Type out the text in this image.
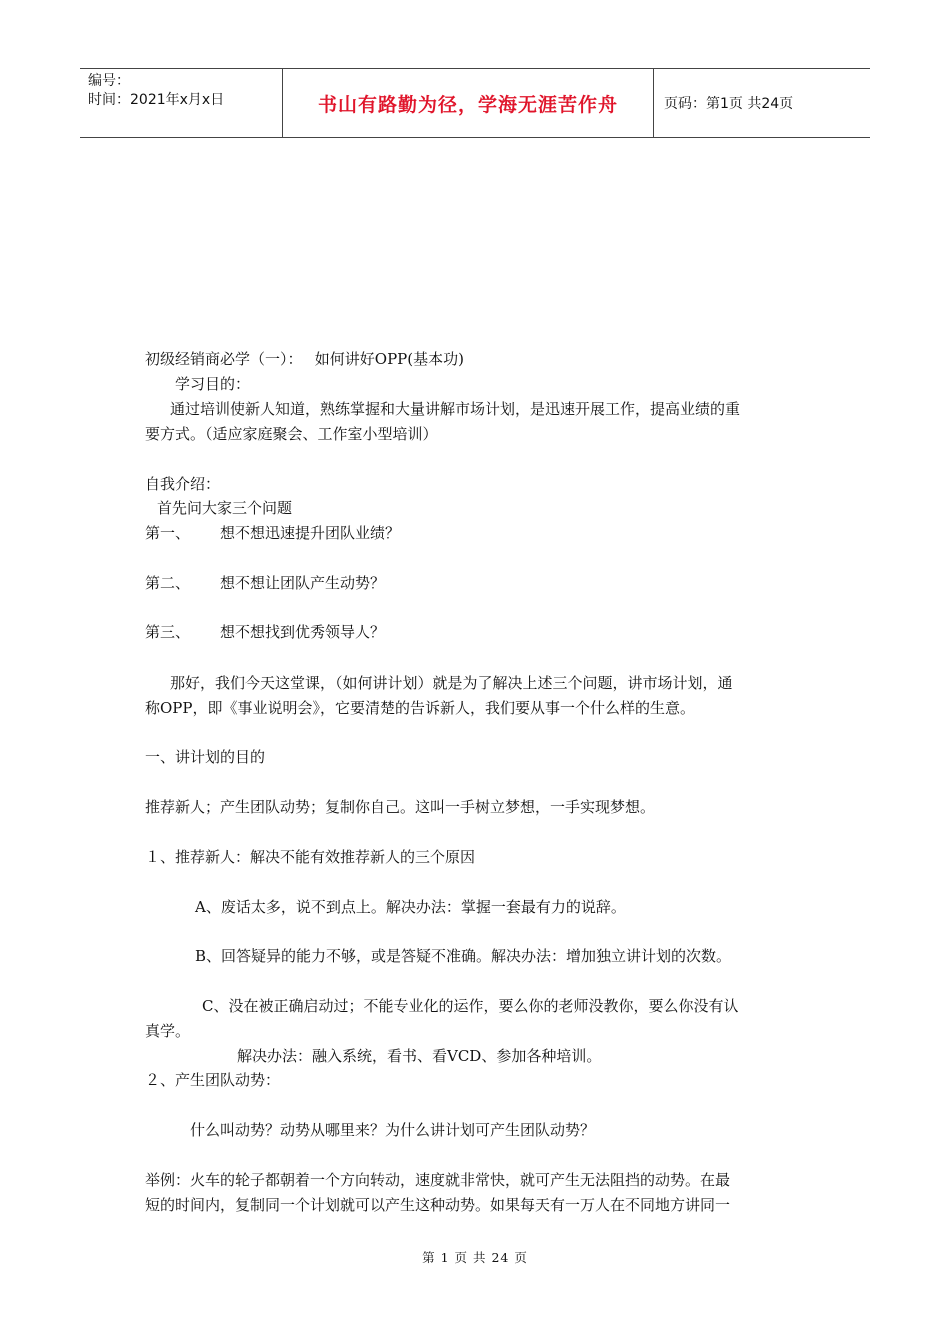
编号：
时间：2021年x月x日	书山有路勤为径，学海无涯苦作舟	页码：第1页 共24页
初级经销商必学（一）：　 如何讲好OPP(基本功)
学习目的：
通过培训使新人知道，熟练掌握和大量讲解市场计划，是迅速开展工作，提高业绩的重
要方式。（适应家庭聚会、工作室小型培训）
自我介绍：
首先问大家三个问题
第一、 想不想迅速提升团队业绩？
第二、 想不想让团队产生动势？
第三、 想不想找到优秀领导人？
那好，我们今天这堂课，（如何讲计划）就是为了解决上述三个问题，讲市场计划，通
称OPP，即《事业说明会》，它要清楚的告诉新人，我们要从事一个什么样的生意。
一、讲计划的目的
推荐新人；产生团队动势；复制你自己。这叫一手树立梦想，一手实现梦想。
１、推荐新人：解决不能有效推荐新人的三个原因
A、废话太多，说不到点上。解决办法：掌握一套最有力的说辞。
B、回答疑异的能力不够，或是答疑不准确。解决办法：增加独立讲计划的次数。
C、没在被正确启动过；不能专业化的运作，要么你的老师没教你，要么你没有认
真学。
解决办法：融入系统，看书、看VCD、参加各种培训。
２、产生团队动势：
什么叫动势？动势从哪里来？为什么讲计划可产生团队动势？
举例：火车的轮子都朝着一个方向转动，速度就非常快，就可产生无法阻挡的动势。在最
短的时间内，复制同一个计划就可以产生这种动势。如果每天有一万人在不同地方讲同一
第 1 页 共 24 页
